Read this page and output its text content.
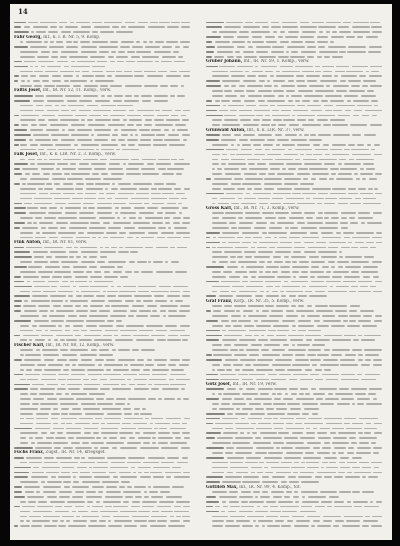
14
Fahr Georg, Inf., k. I. R. Nr. 5, 9. Komp.
Faltis Josef, Inf., IR. Nr. 52, 11. Komp., verw.
Falk Josef, Inf., k. k. LIR. Nr. 2, 3. Komp., verw.
Fink Anton, Inf., IR. Nr. 81, verw.
Fischer Karl, Inf., IR. Nr. 88, 12. Komp., verw.
Fuchs Franz, Zugsf., IR. Nr. 14, kriegsgef.
Gruber Johann, Inf., IR. Nr. 59, 1. Komp., verw.
Grünwald Anton, Inf., k. k. LIR. Nr. 37, verw.
Gross Karl, Inf., IR. Nr. 71, 3. Komp., verw.
Graf Franz, Korp., IR. Nr. 35, 5. Komp., verw.
Götz Josef, Inf., IR. Nr. 19, verw.
Gottlieb Max, Inf., IR. Nr. 99, 4. Komp., tot.
